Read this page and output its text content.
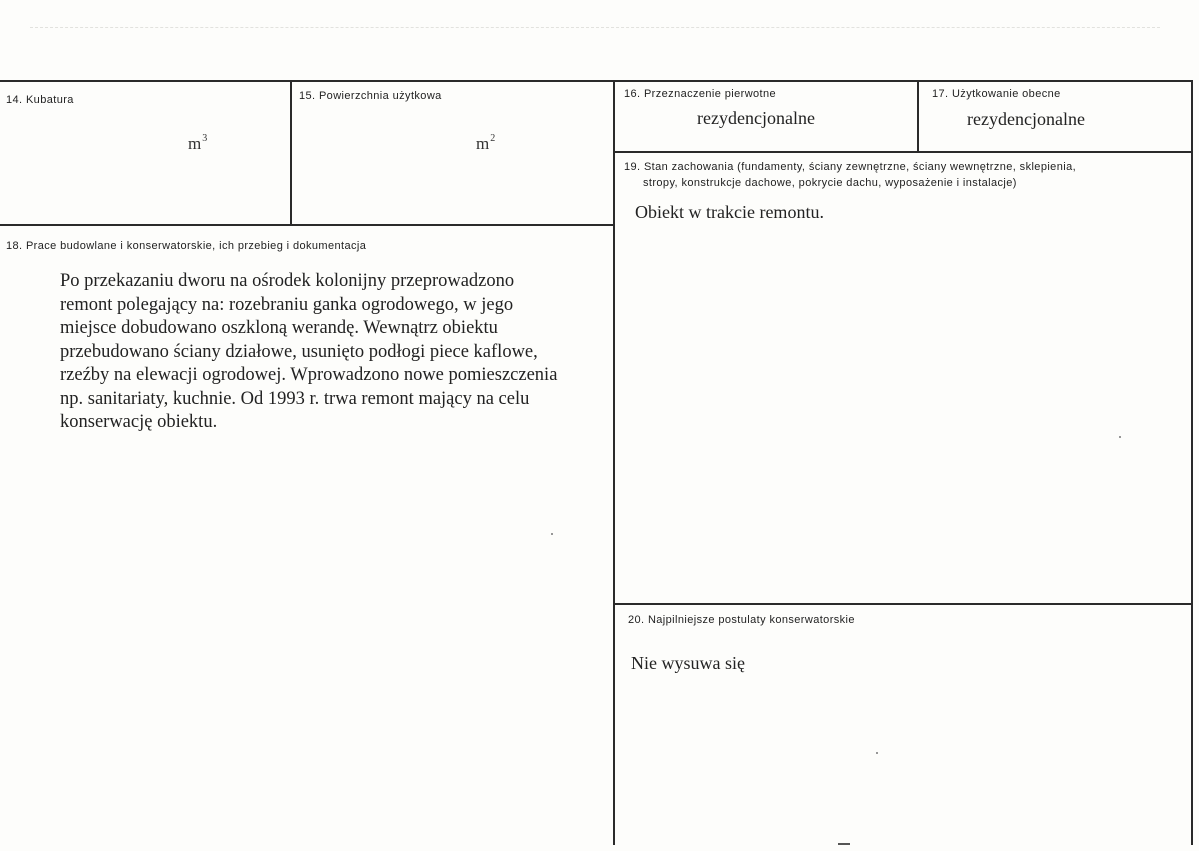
14. Kubatura
$m^3$
15. Powierzchnia użytkowa
$m^2$
16. Przeznaczenie pierwotne
rezydencjonalne
17. Użytkowanie obecne
rezydencjonalne
18. Prace budowlane i konserwatorskie, ich przebieg i dokumentacja
Po przekazaniu dworu na ośrodek kolonijny przeprowadzono
remont polegający na: rozebraniu ganka ogrodowego, w jego
miejsce dobudowano oszkloną werandę. Wewnątrz obiektu
przebudowano ściany działowe, usunięto podłogi piece kaflowe,
rzeźby na elewacji ogrodowej. Wprowadzono nowe pomieszczenia
np. sanitariaty, kuchnie. Od 1993 r. trwa remont mający na celu
konserwację obiektu.
19. Stan zachowania (fundamenty, ściany zewnętrzne, ściany wewnętrzne, sklepienia,
stropy, konstrukcje dachowe, pokrycie dachu, wyposażenie i instalacje)
Obiekt w trakcie remontu.
20. Najpilniejsze postulaty konserwatorskie
Nie wysuwa się
